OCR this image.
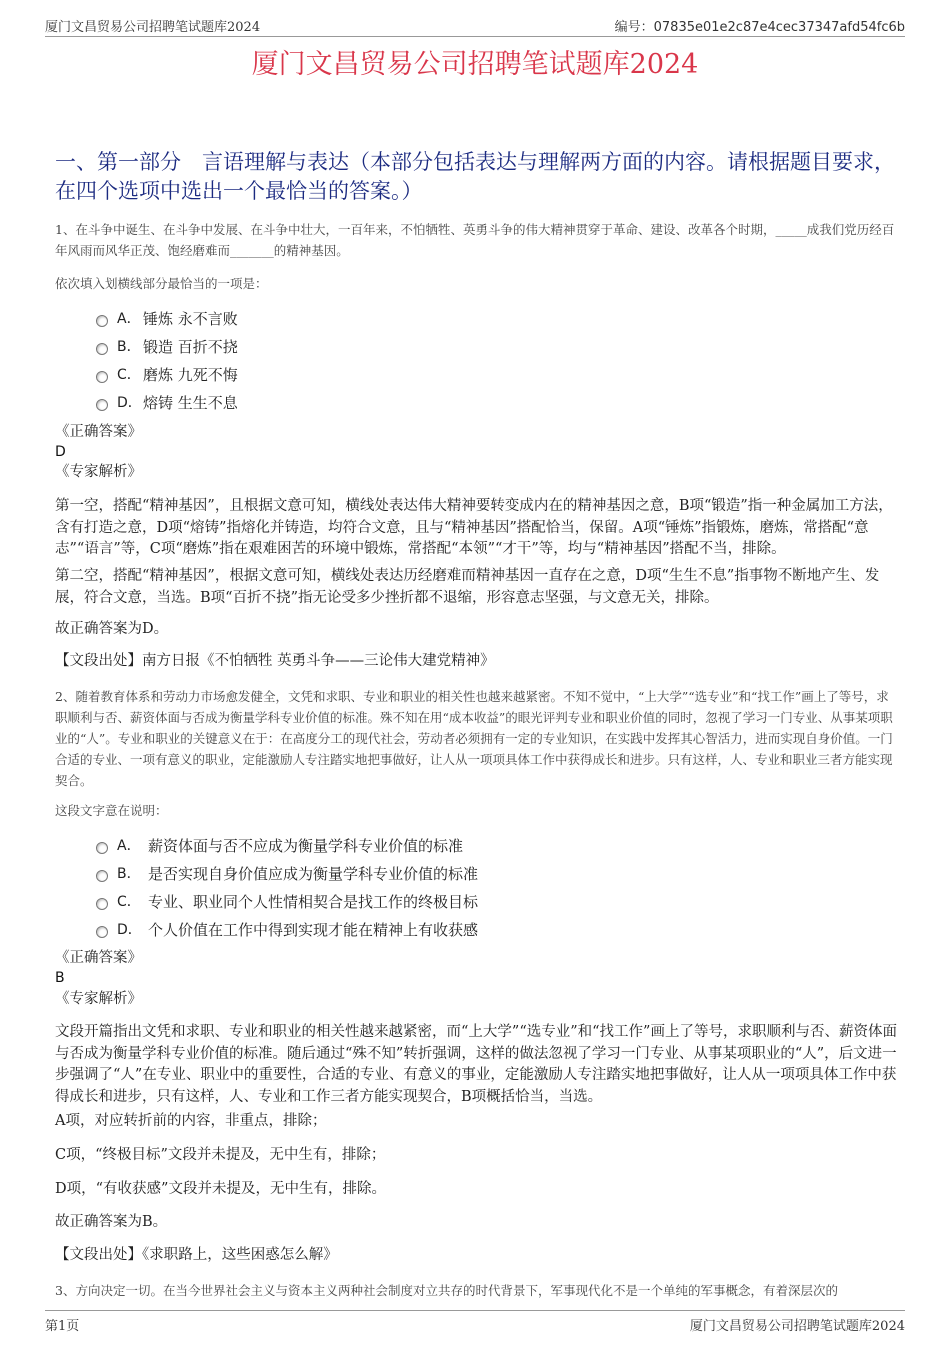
厦门文昌贸易公司招聘笔试题库2024	编号：07835e01e2c87e4cec37347afd54fc6b
厦门文昌贸易公司招聘笔试题库2024
一、第一部分　言语理解与表达（本部分包括表达与理解两方面的内容。请根据题目要求，在四个选项中选出一个最恰当的答案。）
1、在斗争中诞生、在斗争中发展、在斗争中壮大，一百年来，不怕牺牲、英勇斗争的伟大精神贯穿于革命、建设、改革各个时期，_____成我们党历经百年风雨而风华正茂、饱经磨难而_______的精神基因。
依次填入划横线部分最恰当的一项是：
A． 锤炼 永不言败
B． 锻造 百折不挠
C． 磨炼 九死不悔
D． 熔铸 生生不息
《正确答案》
D
《专家解析》
第一空，搭配“精神基因”，且根据文意可知，横线处表达伟大精神要转变成内在的精神基因之意，B项“锻造”指一种金属加工方法，含有打造之意，D项“熔铸”指熔化并铸造，均符合文意，且与“精神基因”搭配恰当，保留。A项“锤炼”指锻炼，磨炼，常搭配“意志”“语言”等，C项“磨炼”指在艰难困苦的环境中锻炼，常搭配“本领”“才干”等，均与“精神基因”搭配不当，排除。
第二空，搭配“精神基因”，根据文意可知，横线处表达历经磨难而精神基因一直存在之意，D项“生生不息”指事物不断地产生、发展，符合文意，当选。B项“百折不挠”指无论受多少挫折都不退缩，形容意志坚强，与文意无关，排除。
故正确答案为D。
【文段出处】南方日报《不怕牺牲 英勇斗争——三论伟大建党精神》
2、随着教育体系和劳动力市场愈发健全，文凭和求职、专业和职业的相关性也越来越紧密。不知不觉中，“上大学”“选专业”和“找工作”画上了等号，求职顺利与否、薪资体面与否成为衡量学科专业价值的标准。殊不知在用“成本收益”的眼光评判专业和职业价值的同时，忽视了学习一门专业、从事某项职业的“人”。专业和职业的关键意义在于：在高度分工的现代社会，劳动者必须拥有一定的专业知识，在实践中发挥其心智活力，进而实现自身价值。一门合适的专业、一项有意义的职业，定能激励人专注踏实地把事做好，让人从一项项具体工作中获得成长和进步。只有这样，人、专业和职业三者方能实现契合。
这段文字意在说明：
A． 薪资体面与否不应成为衡量学科专业价值的标准
B． 是否实现自身价值应成为衡量学科专业价值的标准
C． 专业、职业同个人性情相契合是找工作的终极目标
D． 个人价值在工作中得到实现才能在精神上有收获感
《正确答案》
B
《专家解析》
文段开篇指出文凭和求职、专业和职业的相关性越来越紧密，而“上大学”“选专业”和“找工作”画上了等号，求职顺利与否、薪资体面与否成为衡量学科专业价值的标准。随后通过“殊不知”转折强调，这样的做法忽视了学习一门专业、从事某项职业的“人”，后文进一步强调了“人”在专业、职业中的重要性，合适的专业、有意义的事业，定能激励人专注踏实地把事做好，让人从一项项具体工作中获得成长和进步，只有这样，人、专业和工作三者方能实现契合，B项概括恰当，当选。
A项，对应转折前的内容，非重点，排除；
C项，“终极目标”文段并未提及，无中生有，排除；
D项，“有收获感”文段并未提及，无中生有，排除。
故正确答案为B。
【文段出处】《求职路上，这些困惑怎么解》
3、方向决定一切。在当今世界社会主义与资本主义两种社会制度对立共存的时代背景下，军事现代化不是一个单纯的军事概念，有着深层次的
第1页	厦门文昌贸易公司招聘笔试题库2024
